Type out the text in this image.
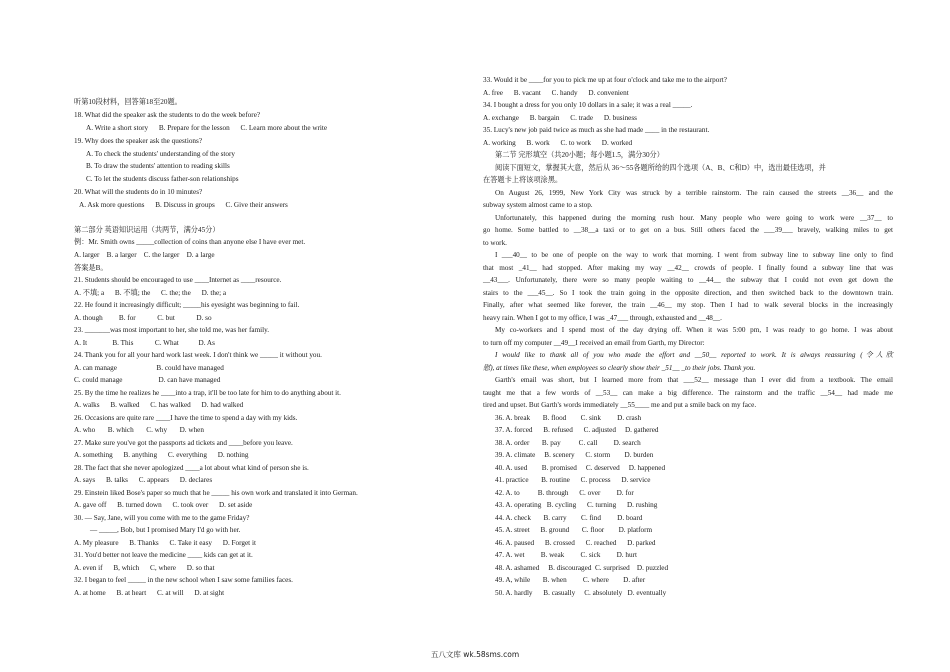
听第10段材料，回答第18至20题。
18. What did the speaker ask the students to do the week before?
A. Write a short story      B. Prepare for the lesson      C. Learn more about the write
19. Why does the speaker ask the questions?
A. To check the students' understanding of the story
B. To draw the students' attention to reading skills
C. To let the students discuss father-son relationships
20. What will the students do in 10 minutes?
A. Ask more questions      B. Discuss in groups      C. Give their answers
第二部分 英语知识运用（共两节，满分45分）
例：Mr. Smith owns _____collection of coins than anyone else I have ever met.
A. larger    B. a larger    C. the larger    D. a large
答案是B。
21. Students should be encouraged to use ____Internet as ____resource.
A. 不填; a      B. 不填; the      C. the; the      D. the; a
22. He found it increasingly difficult; _____his eyesight was beginning to fail.
A. though         B. for            C. but            D. so
23. _______was most important to her, she told me, was her family.
A. It              B. This            C. What           D. As
24. Thank you for all your hard work last week. I don't think we _____ it without you.
A. can manage                      B. could have managed
C. could manage                    D. can have managed
25. By the time he realizes he ____into a trap, it'll be too late for him to do anything about it.
A. walks      B. walked      C. has walked      D. had walked
26. Occasions are quite rare ____I have the time to spend a day with my kids.
A. who       B. which       C. why       D. when
27. Make sure you've got the passports ad tickets and ____before you leave.
A. something      B. anything      C. everything      D. nothing
28. The fact that she never apologized ____a lot about what kind of person she is.
A. says      B. talks      C. appears      D. declares
29. Einstein liked Bose's paper so much that he _____ his own work and translated it into German.
A. gave off      B. turned down      C. took over      D. set aside
30. — Say, Jane, will you come with me to the game Friday?
— _____, Bob, but I promised Mary I'd go with her.
A. My pleasure      B. Thanks      C. Take it easy      D. Forget it
31. You'd better not leave the medicine ____ kids can get at it.
A. even if      B, which      C, where      D. so that
32. I began to feel _____ in the new school when I saw some families faces.
A. at home      B. at heart      C. at will      D. at sight
33. Would it be ____for you to pick me up at four o'clock and take me to the airport?
A. free      B. vacant      C. handy      D. convenient
34. I bought a dress for you only 10 dollars in a sale; it was a real _____.
A. exchange      B. bargain      C. trade      D. business
35. Lucy's new job paid twice as much as she had made ____ in the restaurant.
A. working      B. work      C. to work      D. worked
第二节 完形填空（共20小题；每小题1.5，满分30分）
阅读下面短文，掌握其大意，然后从 36～55各题所给的四个选项（A、B、C和D）中，选出最佳选项，并
在答题卡上将该项涂黑。
On August 26, 1999, New York City was struck by a terrible rainstorm. The rain caused the streets __36__ and the
subway system almost came to a stop.
Unfortunately, this happened during the morning rush hour. Many people who were going to work were __37__ to
go home. Some battled to __38__a taxi or to get on a bus. Still others faced the ___39___ bravely, walking miles to get
to work.
I ___40__ to be one of people on the way to work that morning. I went from subway line to subway line only to find
that most _41__ had stopped. After making my way __42__ crowds of people. I finally found a subway line that was
__43___. Unfortunately, there were so many people waiting to __44__ the subway that I could not even get down the
stairs to the ___45__. So I took the train going in the opposite direction, and then switched back to the downtown train.
Finally, after what seemed like forever, the train __46__ my stop. Then I had to walk several blocks in the increasingly
heavy rain. When I got to my office, I was _47___ through, exhausted and __48__.
My co-workers and I spend most of the day drying off. When it was 5:00 pm, I was ready to go home. I was about
to turn off my computer __49__I received an email from Garth, my Director:
I would like to thank all of you who made the effort and __50__ reported to work. It is always reassuring (令人欣
慰), at times like these, when employees so clearly show their _51__ _to their jobs. Thank you.
Garth's email was short, but I learned more from that ___52__ message than I ever did from a textbook. The email
taught me that a few words of __53__ can make a big difference. The rainstorm and the traffic __54__ had made me
tired and upset. But Garth's words immediately __55____ me and put a smile back on my face.
36. A. break       B. flood        C. sink         D. crash
37. A. forced      B. refused      C. adjusted     D. gathered
38. A. order       B. pay          C. call         D. search
39. A. climate     B. scenery      C. storm        D. burden
40. A. used        B. promised     C. deserved     D. happened
41. practice       B. routine      C. process      D. service
42. A. to          B. through      C. over         D. for
43. A. operating   B. cycling      C. turning      D. rushing
44. A. check       B. carry        C. find         D. board
45. A. street      B. ground       C. floor        D. platform
46. A. paused      B. crossed      C. reached      D. parked
47. A. wet         B. weak         C. sick         D. hurt
48. A. ashamed     B. discouraged  C. surprised    D. puzzled
49. A, while       B. when         C. where        D. after
50. A. hardly      B. casually     C. absolutely   D. eventually
五八文库 wk.58sms.com
